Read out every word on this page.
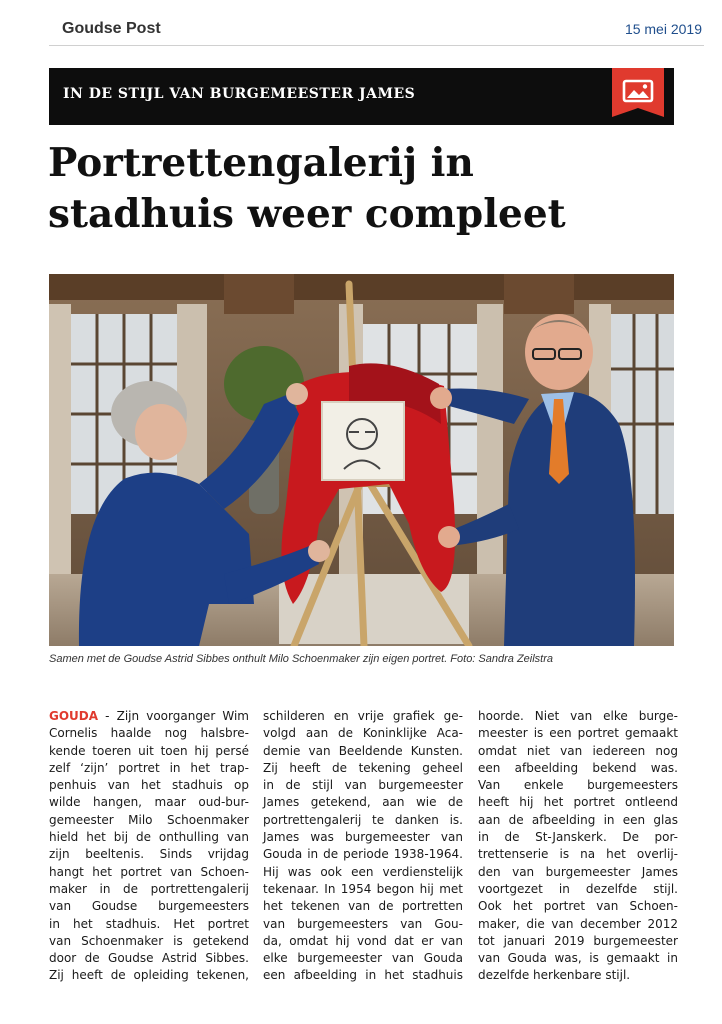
Goudse Post	15 mei 2019
IN DE STIJL VAN BURGEMEESTER JAMES
Portrettengalerij in
stadhuis weer compleet
Samen met de Goudse Astrid Sibbes onthult Milo Schoenmaker zijn eigen portret. Foto: Sandra Zeilstra
GOUDA - Zijn voorganger Wim
Cornelis haalde nog halsbre-
kende toeren uit toen hij persé
zelf ‘zijn’ portret in het trap-
penhuis van het stadhuis op
wilde hangen, maar oud-bur-
gemeester Milo Schoenmaker
hield het bij de onthulling van
zijn beeltenis. Sinds vrijdag
hangt het portret van Schoen-
maker in de portrettengalerij
van Goudse burgemeesters
in het stadhuis. Het portret
van Schoenmaker is getekend
door de Goudse Astrid Sibbes.
Zij heeft de opleiding tekenen,
schilderen en vrije grafiek ge-
volgd aan de Koninklijke Aca-
demie van Beeldende Kunsten.
Zij heeft de tekening geheel
in de stijl van burgemeester
James getekend, aan wie de
portrettengalerij te danken is.
James was burgemeester van
Gouda in de periode 1938-1964.
Hij was ook een verdienstelijk
tekenaar. In 1954 begon hij met
het tekenen van de portretten
van burgemeesters van Gou-
da, omdat hij vond dat er van
elke burgemeester van Gouda
een afbeelding in het stadhuis
hoorde. Niet van elke burge-
meester is een portret gemaakt
omdat niet van iedereen nog
een afbeelding bekend was.
Van enkele burgemeesters
heeft hij het portret ontleend
aan de afbeelding in een glas
in de St-Janskerk. De por-
trettenserie is na het overlij-
den van burgemeester James
voortgezet in dezelfde stijl.
Ook het portret van Schoen-
maker, die van december 2012
tot januari 2019 burgemeester
van Gouda was, is gemaakt in
dezelfde herkenbare stijl.
